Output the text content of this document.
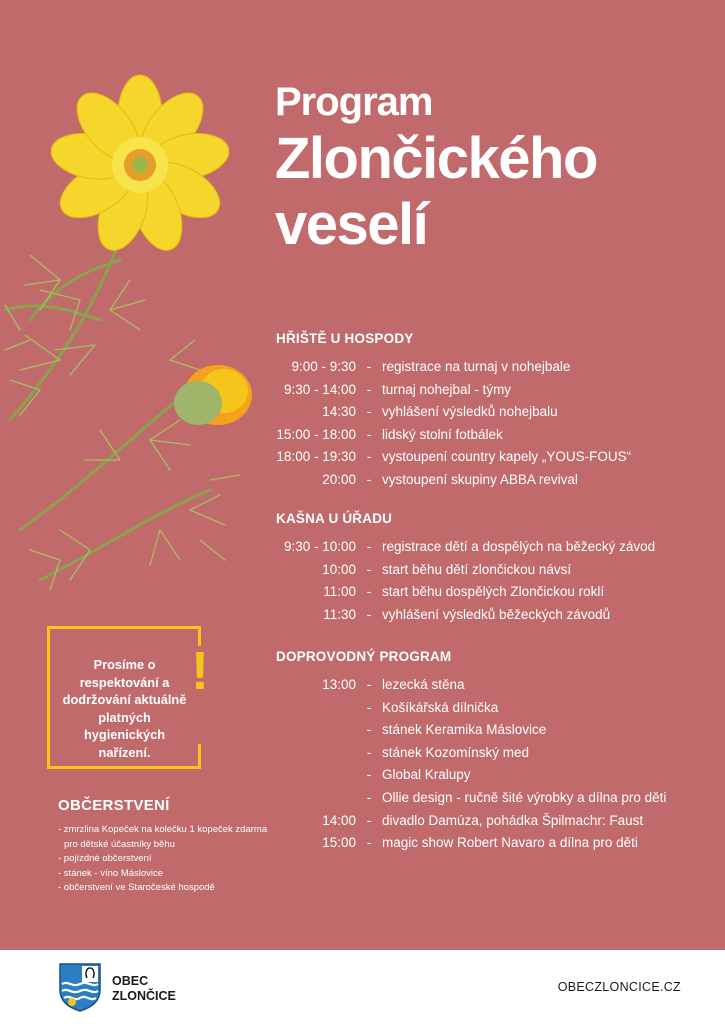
Program
Zlončického
veselí
HŘIŠTĚ U HOSPODY
9:00 - 9:30 - registrace na turnaj v nohejbale
9:30 - 14:00 - turnaj nohejbal - týmy
14:30 - vyhlášení výsledků nohejbalu
15:00 - 18:00 - lidský stolní fotbálek
18:00 - 19:30 - vystoupení country kapely „YOUS-FOUS“
20:00 - vystoupení skupiny ABBA revival
KAŠNA U ÚŘADU
9:30 - 10:00 - registrace dětí a dospělých na běžecký závod
10:00 - start běhu dětí zlončickou návsí
11:00 - start běhu dospělých Zlončickou roklí
11:30 - vyhlášení výsledků běžeckých závodů
DOPROVODNÝ PROGRAM
13:00 - lezecká stěna
- Košíkářská dílnička
- stánek Keramika Máslovice
- stánek Kozomínský med
- Global Kralupy
- Ollie design - ručně šité výrobky a dílna pro děti
14:00 - divadlo Damúza, pohádka Špilmachr: Faust
15:00 - magic show Robert Navaro a dílna pro děti
!
Prosíme o respektování a dodržování aktuálně platných hygienických nařízení.
OBČERSTVENÍ
- zmrzlina Kopeček na kolečku 1 kopeček zdarma
pro dětské účastníky běhu
- pojízdné občerstvení
- stánek - víno Máslovice
- občerstvení ve Staročeské hospodě
OBEC
ZLONČICE
OBECZLONCICE.CZ
